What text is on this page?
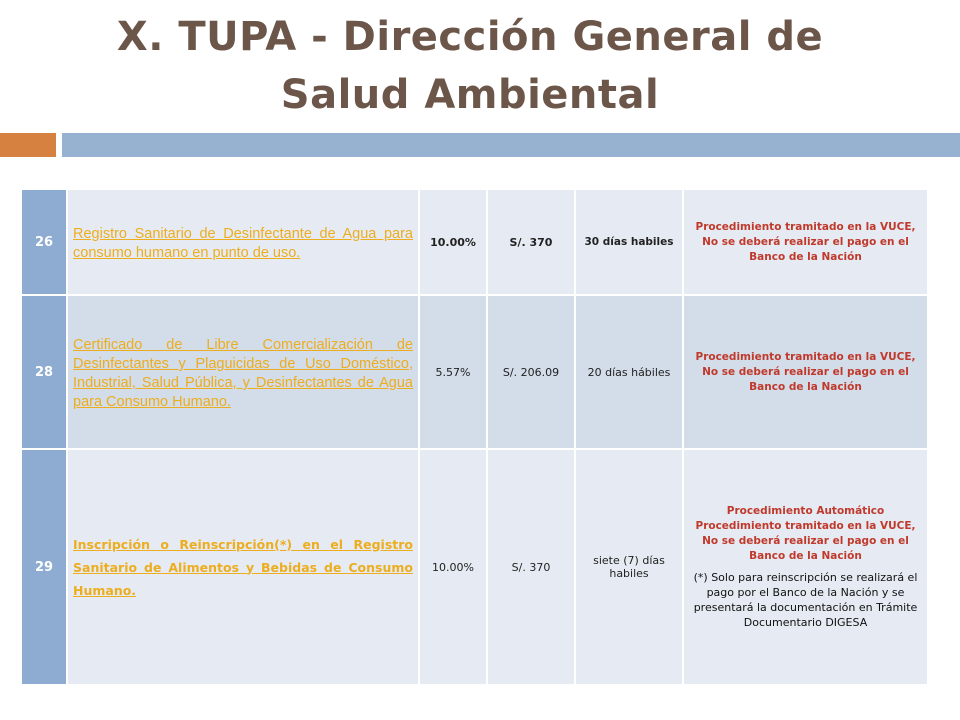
X. TUPA - Dirección General de
Salud Ambiental
26	Registro Sanitario de Desinfectante de Agua para consumo humano en punto de uso.	10.00%	S/. 370	30 días habiles	Procedimiento tramitado en la VUCE,
No se deberá realizar el pago en el
Banco de la Nación

28	Certificado de Libre Comercialización de Desinfectantes y Plaguicidas de Uso Doméstico, Industrial, Salud Pública, y Desinfectantes de Agua para Consumo Humano.	5.57%	S/. 206.09	20 días hábiles	Procedimiento tramitado en la VUCE,
No se deberá realizar el pago en el
Banco de la Nación

29	Inscripción o Reinscripción(*) en el Registro Sanitario de Alimentos y Bebidas de Consumo Humano.	10.00%	S/. 370	siete (7) días habiles	Procedimiento Automático
Procedimiento tramitado en la VUCE,
No se deberá realizar el pago en el
Banco de la Nación
(*) Solo para reinscripción se realizará el pago por el Banco de la Nación y se presentará la documentación en Trámite Documentario DIGESA
